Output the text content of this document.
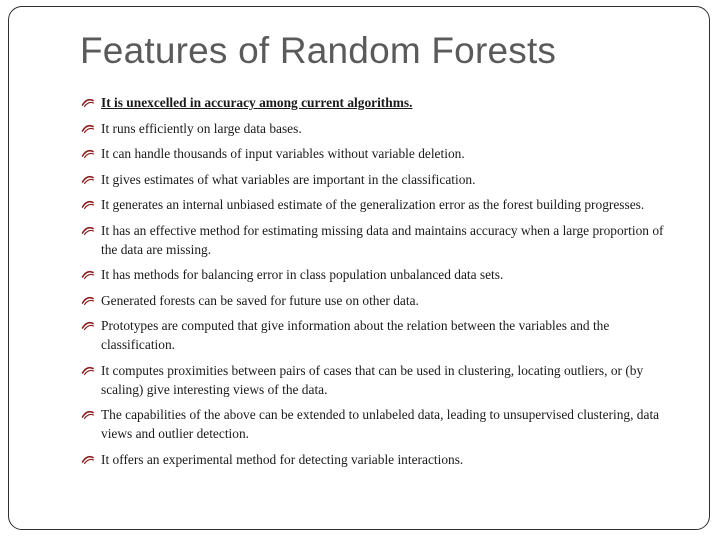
Features of Random Forests
It is unexcelled in accuracy among current algorithms.
It runs efficiently on large data bases.
It can handle thousands of input variables without variable deletion.
It gives estimates of what variables are important in the classification.
It generates an internal unbiased estimate of the generalization error as the forest building progresses.
It has an effective method for estimating missing data and maintains accuracy when a large proportion of the data are missing.
It has methods for balancing error in class population unbalanced data sets.
Generated forests can be saved for future use on other data.
Prototypes are computed that give information about the relation between the variables and the classification.
It computes proximities between pairs of cases that can be used in clustering, locating outliers, or (by scaling) give interesting views of the data.
The capabilities of the above can be extended to unlabeled data, leading to unsupervised clustering, data views and outlier detection.
It offers an experimental method for detecting variable interactions.
